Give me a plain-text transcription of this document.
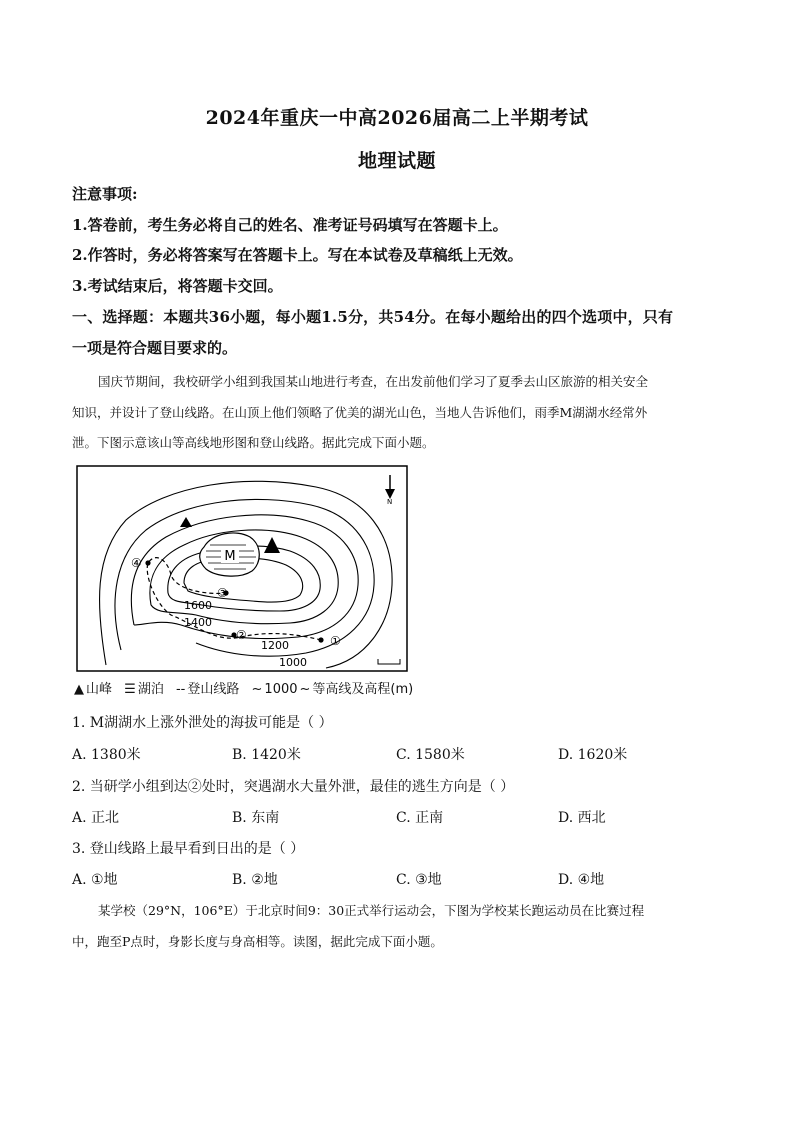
2024年重庆一中高2026届高二上半期考试
地理试题
注意事项:
1.答卷前，考生务必将自己的姓名、准考证号码填写在答题卡上。
2.作答时，务必将答案写在答题卡上。写在本试卷及草稿纸上无效。
3.考试结束后，将答题卡交回。
一、选择题：本题共36小题，每小题1.5分，共54分。在每小题给出的四个选项中，只有
一项是符合题目要求的。
国庆节期间，我校研学小组到我国某山地进行考查，在出发前他们学习了夏季去山区旅游的相关安全
知识，并设计了登山线路。在山顶上他们领略了优美的湖光山色，当地人告诉他们，雨季M湖湖水经常外
泄。下图示意该山等高线地形图和登山线路。据此完成下面小题。
M
①
②
③
④
1600
1400
1200
1000
N
▲ 山峰 ☰ 湖泊 -- 登山线路 ~ 1000 ~ 等高线及高程(m)
1. M湖湖水上涨外泄处的海拔可能是（ ）
A. 1380米	B. 1420米	C. 1580米	D. 1620米
2. 当研学小组到达②处时，突遇湖水大量外泄，最佳的逃生方向是（ ）
A. 正北	B. 东南	C. 正南	D. 西北
3. 登山线路上最早看到日出的是（ ）
A. ①地	B. ②地	C. ③地	D. ④地
某学校（29°N，106°E）于北京时间9：30正式举行运动会，下图为学校某长跑运动员在比赛过程
中，跑至P点时，身影长度与身高相等。读图，据此完成下面小题。
